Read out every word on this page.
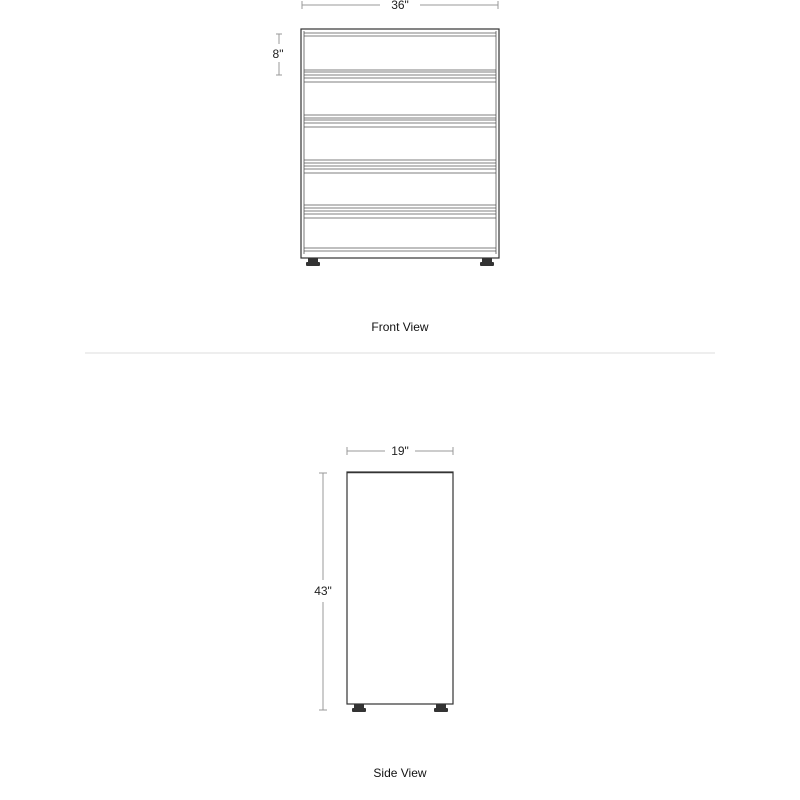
36"
8"
Front View
19"
43"
Side View
